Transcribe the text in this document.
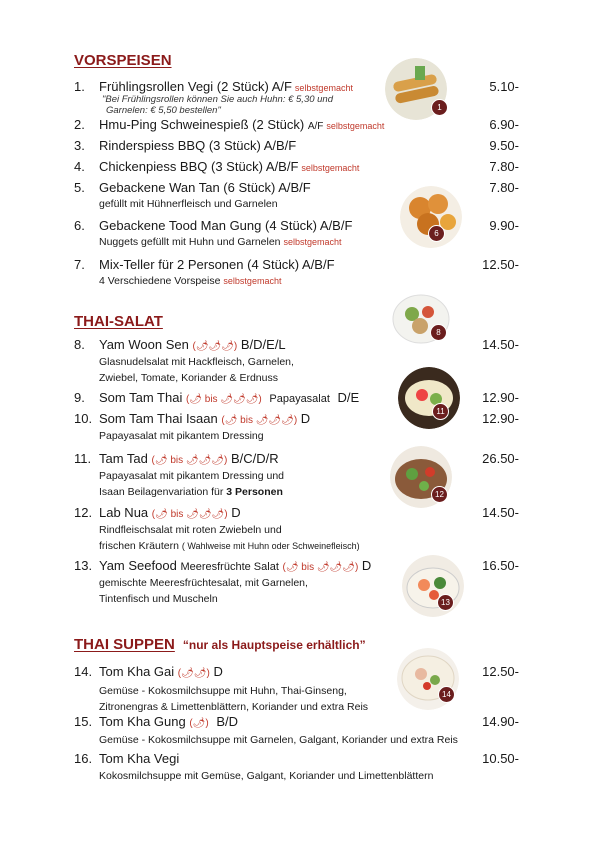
VORSPEISEN
1. Frühlingsrollen Vegi (2 Stück) A/F selbstgemacht	5.10-
"Bei Frühlingsrollen können Sie auch Huhn: € 5,30 und
Garnelen: € 5,50 bestellen"
2. Hmu-Ping Schweinespieß (2 Stück) A/F selbstgemacht	6.90-
3. Rinderspiess BBQ (3 Stück) A/B/F	9.50-
4. Chickenpiess BBQ (3 Stück) A/B/F selbstgemacht	7.80-
5. Gebackene Wan Tan (6 Stück) A/B/F	7.80-
gefüllt mit Hühnerfleisch und Garnelen
6. Gebackene Tood Man Gung (4 Stück) A/B/F	9.90-
Nuggets gefüllt mit Huhn und Garnelen selbstgemacht
7. Mix-Teller für 2 Personen (4 Stück) A/B/F	12.50-
4 Verschiedene Vorspeise selbstgemacht
THAI-SALAT
8. Yam Woon Sen (🌶🌶🌶) B/D/E/L	14.50-
Glasnudelsalat mit Hackfleisch, Garnelen,
Zwiebel, Tomate, Koriander & Erdnuss
9. Som Tam Thai (🌶 bis 🌶🌶🌶) Papayasalat D/E	12.90-
10. Som Tam Thai Isaan (🌶 bis 🌶🌶🌶) D	12.90-
Papayasalat mit pikantem Dressing
11. Tam Tad (🌶 bis 🌶🌶🌶) B/C/D/R	26.50-
Papayasalat mit pikantem Dressing und
Isaan Beilagenvariation für 3 Personen
12. Lab Nua (🌶 bis 🌶🌶🌶) D	14.50-
Rindfleischsalat mit roten Zwiebeln und
frischen Kräutern ( Wahlweise mit Huhn oder Schweinefleisch)
13. Yam Seefood Meeresfrüchte Salat (🌶 bis 🌶🌶🌶) D	16.50-
gemischte Meeresfrüchtesalat, mit Garnelen,
Tintenfisch und Muscheln
THAI SUPPEN “nur als Hauptspeise erhältlich”
14. Tom Kha Gai (🌶🌶) D	12.50-
Gemüse - Kokosmilchsuppe mit Huhn, Thai-Ginseng,
Zitronengras & Limettenblättern, Koriander und extra Reis
15. Tom Kha Gung (🌶) B/D	14.90-
Gemüse - Kokosmilchsuppe mit Garnelen, Galgant, Koriander und extra Reis
16. Tom Kha Vegi	10.50-
Kokosmilchsuppe mit Gemüse, Galgant, Koriander und Limettenblättern
1
6
8
11
12
13
14
